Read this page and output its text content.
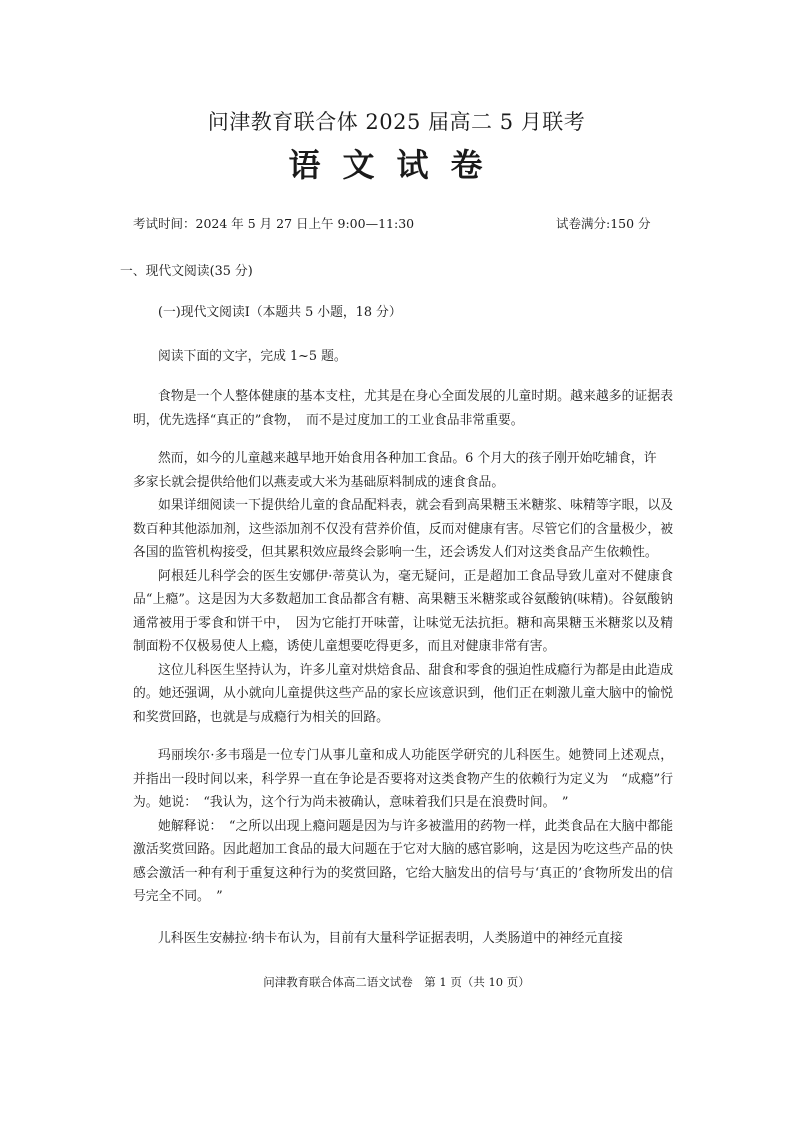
问津教育联合体 2025 届高二 5 月联考
语文试卷
考试时间：2024 年 5 月 27 日上午 9:00—11:30	试卷满分:150 分
一、现代文阅读(35 分)
(一)现代文阅读Ⅰ（本题共 5 小题，18 分）
阅读下面的文字，完成 1~5 题。

食物是一个人整体健康的基本支柱，尤其是在身心全面发展的儿童时期。越来越多的证据表明，优先选择“真正的”食物，　而不是过度加工的工业食品非常重要。

然而，如今的儿童越来越早地开始食用各种加工食品。6 个月大的孩子刚开始吃辅食，许

多家长就会提供给他们以燕麦或大米为基础原料制成的速食食品。

如果详细阅读一下提供给儿童的食品配料表，就会看到高果糖玉米糖浆、味精等字眼，以及数百种其他添加剂，这些添加剂不仅没有营养价值，反而对健康有害。尽管它们的含量极少，被各国的监管机构接受，但其累积效应最终会影响一生，还会诱发人们对这类食品产生依赖性。

阿根廷儿科学会的医生安娜伊·蒂莫认为，毫无疑问，正是超加工食品导致儿童对不健康食品“上瘾”。这是因为大多数超加工食品都含有糖、高果糖玉米糖浆或谷氨酸钠(味精)。谷氨酸钠通常被用于零食和饼干中，　因为它能打开味蕾，让味觉无法抗拒。糖和高果糖玉米糖浆以及精制面粉不仅极易使人上瘾，诱使儿童想要吃得更多，而且对健康非常有害。

这位儿科医生坚持认为，许多儿童对烘焙食品、甜食和零食的强迫性成瘾行为都是由此造成的。她还强调，从小就向儿童提供这些产品的家长应该意识到，他们正在刺激儿童大脑中的愉悦和奖赏回路，也就是与成瘾行为相关的回路。

玛丽埃尔·多韦瑙是一位专门从事儿童和成人功能医学研究的儿科医生。她赞同上述观点，并指出一段时间以来，科学界一直在争论是否要将对这类食物产生的依赖行为定义为　“成瘾”行为。她说：　“我认为，这个行为尚未被确认，意味着我们只是在浪费时间。　”

她解释说：　“之所以出现上瘾问题是因为与许多被滥用的药物一样，此类食品在大脑中都能激活奖赏回路。因此超加工食品的最大问题在于它对大脑的感官影响，这是因为吃这些产品的快感会激活一种有利于重复这种行为的奖赏回路，它给大脑发出的信号与‘真正的’食物所发出的信号完全不同。　”

儿科医生安赫拉·纳卡布认为，目前有大量科学证据表明，人类肠道中的神经元直接

问津教育联合体高二语文试卷　第 1 页（共 10 页）
